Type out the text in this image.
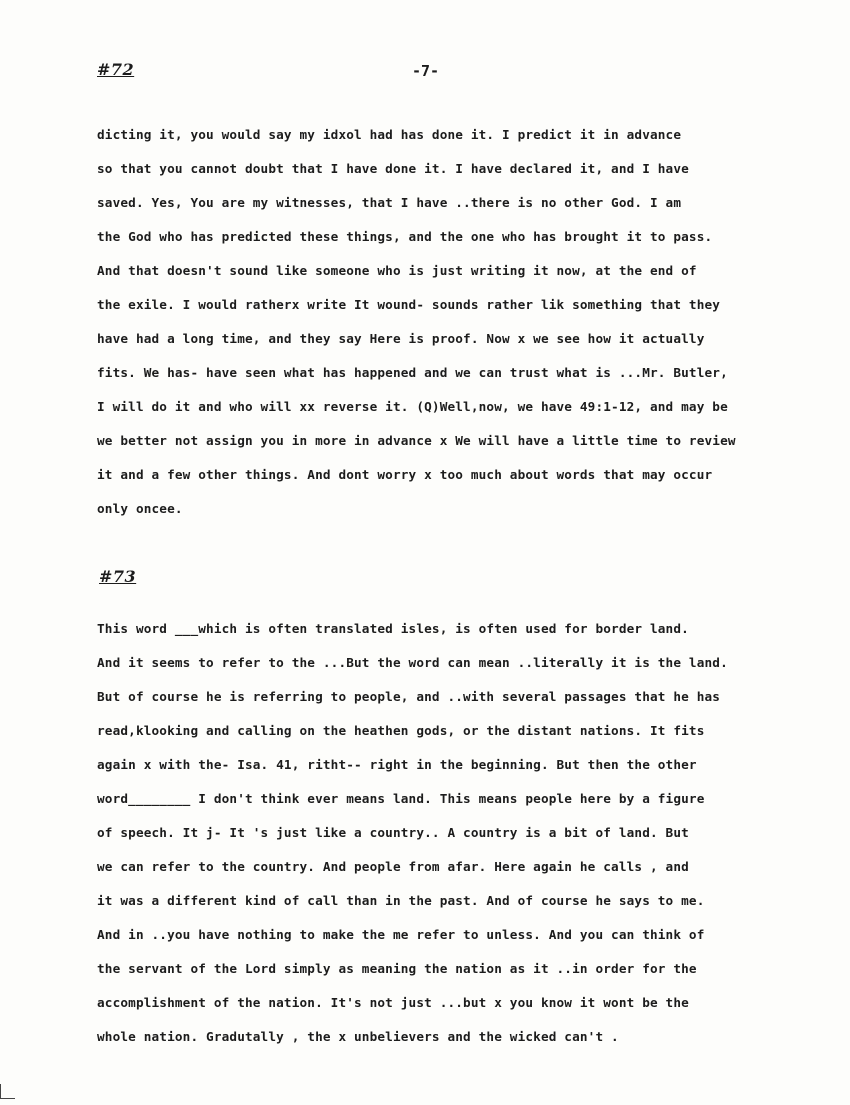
#72	-7-
dicting it, you would say my idxol had has done it. I predict it in advance
so that you cannot doubt that I have done it. I have declared it, and I have
saved. Yes, You are my witnesses, that I have ..there is no other God. I am
the God who has predicted these things, and the one who has brought it to pass.
And that doesn't sound like someone who is just writing it now, at the end of
the exile. I would ratherx write It wound- sounds rather lik something that they
have had a long time, and they say Here is proof. Now x we see how it actually
fits. We has- have seen what has happened and we can trust what is ...Mr. Butler,
I will do it and who will xx reverse it. (Q)Well,now, we have 49:1-12, and may be
we better not assign you in more in advance x We will have a little time to review
it and a few other things. And dont worry x too much about words that may occur
only oncee.
#73
This word ___which is often translated isles, is often used for border land.
And it seems to refer to the ...But the word can mean ..literally it is the land.
But of course he is referring to people, and ..with several passages that he has
read,klooking and calling on the heathen gods, or the distant nations. It fits
again x with the- Isa. 41, ritht-- right in the beginning. But then the other
word________ I don't think ever means land. This means people here by a figure
of speech. It j- It 's just like a country.. A country is a bit of land. But
we can refer to the country. And people from afar. Here again he calls , and
it was a different kind of call than in the past. And of course he says to me.
And in ..you have nothing to make the me refer to unless. And you can think of
the servant of the Lord simply as meaning the nation as it ..in order for the
accomplishment of the nation. It's not just ...but x you know it wont be the
whole nation. Gradutally , the x unbelievers and the wicked can't .
